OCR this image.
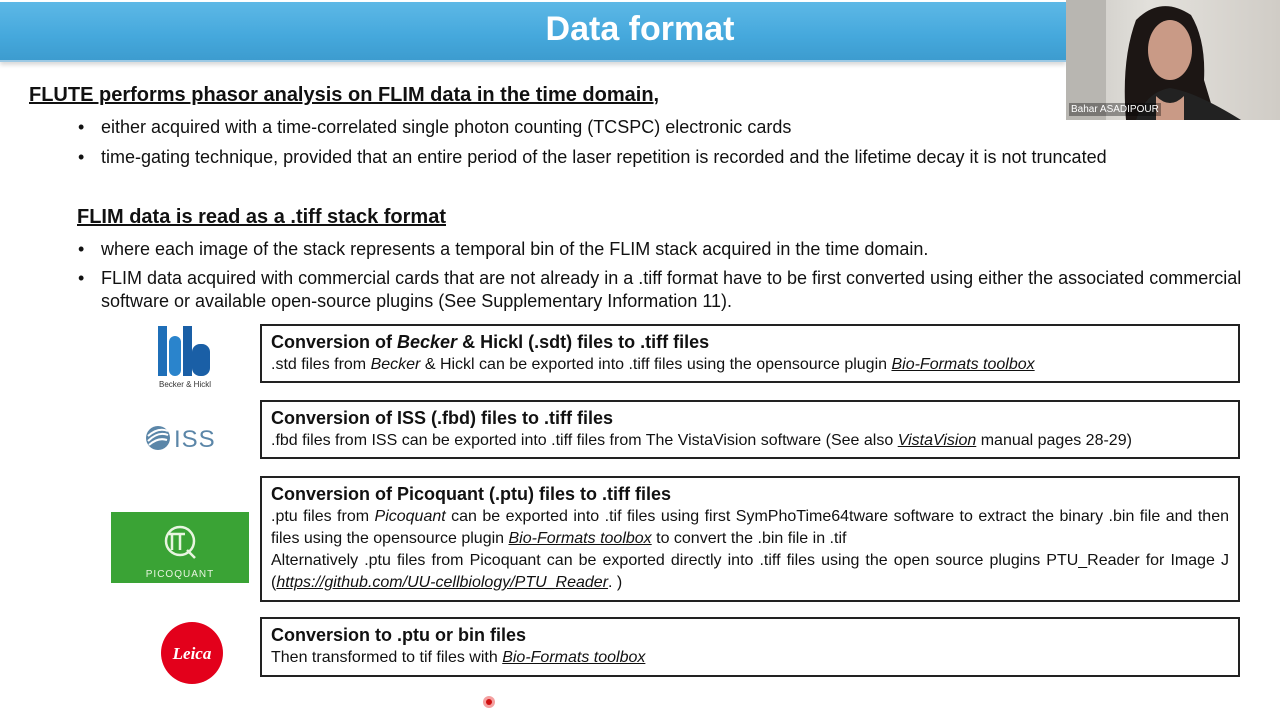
Data format
FLUTE performs phasor analysis on FLIM data in the time domain,
• either acquired with a time-correlated single photon counting (TCSPC) electronic cards
• time-gating technique, provided that an entire period of the laser repetition is recorded and the lifetime decay it is not truncated
FLIM data is read as a .tiff stack format
• where each image of the stack represents a temporal bin of the FLIM stack acquired in the time domain.
• FLIM data acquired with commercial cards that are not already in a .tiff format have to be first converted using either the associated commercial software or available open-source plugins (See Supplementary Information 11).
Becker & Hickl
ISS
PICOQUANT
Leica
Conversion of Becker & Hickl (.sdt) files to .tiff files
.std files from Becker & Hickl can be exported into .tiff files using the opensource plugin Bio-Formats toolbox
Conversion of ISS (.fbd) files to .tiff files
.fbd files from ISS can be exported into .tiff files from The VistaVision software (See also VistaVision manual pages 28-29)
Conversion of Picoquant (.ptu) files to .tiff files
.ptu files from Picoquant can be exported into .tif files using first SymPhoTime64tware software to extract the binary .bin file and then files using the opensource plugin Bio-Formats toolbox to convert the .bin file in .tif
Alternatively .ptu files from Picoquant can be exported directly into .tiff files using the open source plugins PTU_Reader for Image J (https://github.com/UU-cellbiology/PTU_Reader. )
Conversion to .ptu or bin files
Then transformed to tif files with Bio-Formats toolbox
Bahar ASADIPOUR
